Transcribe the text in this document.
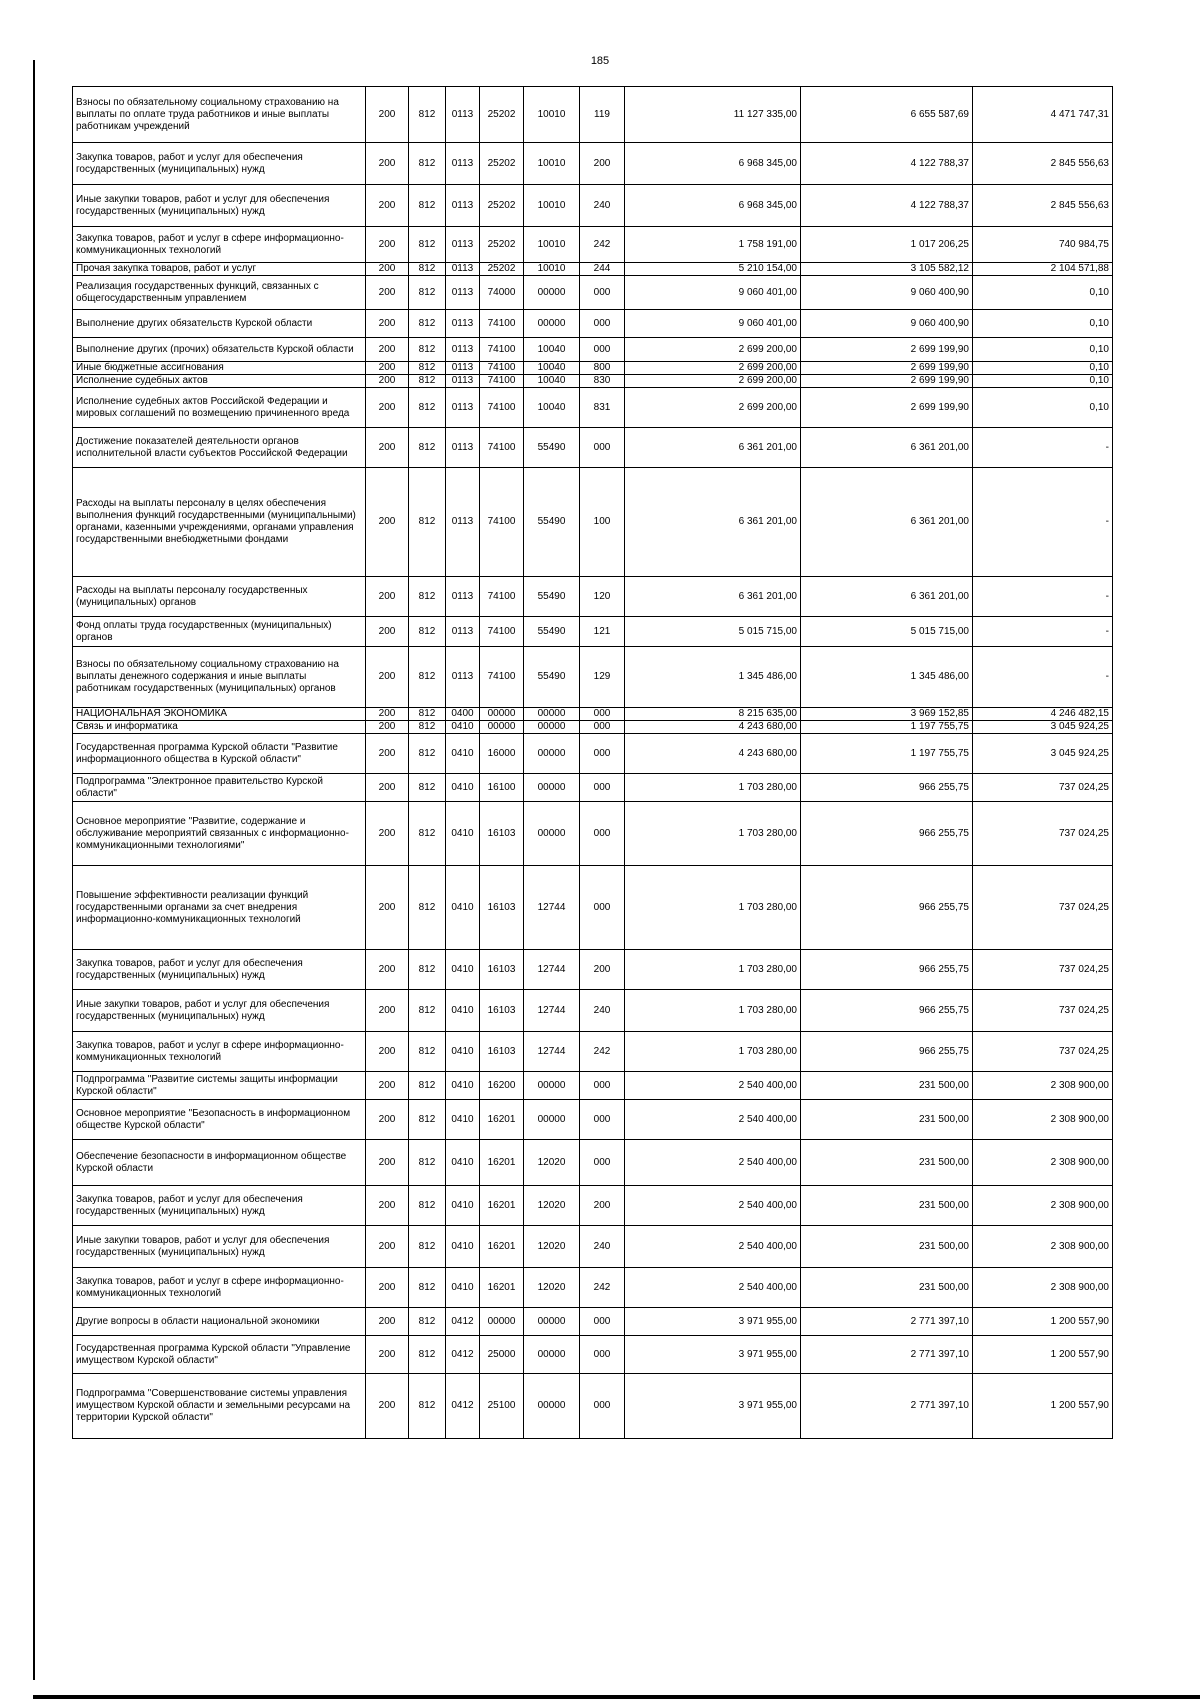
185
Взносы по обязательному социальному страхованию на выплаты по оплате труда работников и иные выплаты работникам учреждений	200	812	0113	25202	10010	119	11 127 335,00	6 655 587,69	4 471 747,31
Закупка товаров, работ и услуг для обеспечения государственных (муниципальных) нужд	200	812	0113	25202	10010	200	6 968 345,00	4 122 788,37	2 845 556,63
Иные закупки товаров, работ и услуг для обеспечения государственных (муниципальных) нужд	200	812	0113	25202	10010	240	6 968 345,00	4 122 788,37	2 845 556,63
Закупка товаров, работ и услуг в сфере информационно-коммуникационных технологий	200	812	0113	25202	10010	242	1 758 191,00	1 017 206,25	740 984,75
Прочая закупка товаров, работ и услуг	200	812	0113	25202	10010	244	5 210 154,00	3 105 582,12	2 104 571,88
Реализация государственных функций, связанных с общегосударственным управлением	200	812	0113	74000	00000	000	9 060 401,00	9 060 400,90	0,10
Выполнение других обязательств Курской области	200	812	0113	74100	00000	000	9 060 401,00	9 060 400,90	0,10
Выполнение других (прочих) обязательств Курской области	200	812	0113	74100	10040	000	2 699 200,00	2 699 199,90	0,10
Иные бюджетные ассигнования	200	812	0113	74100	10040	800	2 699 200,00	2 699 199,90	0,10
Исполнение судебных актов	200	812	0113	74100	10040	830	2 699 200,00	2 699 199,90	0,10
Исполнение судебных актов Российской Федерации и мировых соглашений по возмещению причиненного вреда	200	812	0113	74100	10040	831	2 699 200,00	2 699 199,90	0,10
Достижение показателей деятельности органов исполнительной власти субъектов Российской Федерации	200	812	0113	74100	55490	000	6 361 201,00	6 361 201,00	-
Расходы на выплаты персоналу в целях обеспечения выполнения функций государственными (муниципальными) органами, казенными учреждениями, органами управления государственными внебюджетными фондами	200	812	0113	74100	55490	100	6 361 201,00	6 361 201,00	-
Расходы на выплаты персоналу государственных (муниципальных) органов	200	812	0113	74100	55490	120	6 361 201,00	6 361 201,00	-
Фонд оплаты труда государственных (муниципальных) органов	200	812	0113	74100	55490	121	5 015 715,00	5 015 715,00	-
Взносы по обязательному социальному страхованию на выплаты денежного содержания и иные выплаты работникам государственных (муниципальных) органов	200	812	0113	74100	55490	129	1 345 486,00	1 345 486,00	-
НАЦИОНАЛЬНАЯ ЭКОНОМИКА	200	812	0400	00000	00000	000	8 215 635,00	3 969 152,85	4 246 482,15
Связь и информатика	200	812	0410	00000	00000	000	4 243 680,00	1 197 755,75	3 045 924,25
Государственная программа Курской области "Развитие информационного общества в Курской области"	200	812	0410	16000	00000	000	4 243 680,00	1 197 755,75	3 045 924,25
Подпрограмма "Электронное правительство Курской области"	200	812	0410	16100	00000	000	1 703 280,00	966 255,75	737 024,25
Основное мероприятие "Развитие, содержание и обслуживание мероприятий связанных с информационно-коммуникационными технологиями"	200	812	0410	16103	00000	000	1 703 280,00	966 255,75	737 024,25
Повышение эффективности реализации функций государственными органами за счет внедрения информационно-коммуникационных технологий	200	812	0410	16103	12744	000	1 703 280,00	966 255,75	737 024,25
Закупка товаров, работ и услуг для обеспечения государственных (муниципальных) нужд	200	812	0410	16103	12744	200	1 703 280,00	966 255,75	737 024,25
Иные закупки товаров, работ и услуг для обеспечения государственных (муниципальных) нужд	200	812	0410	16103	12744	240	1 703 280,00	966 255,75	737 024,25
Закупка товаров, работ и услуг в сфере информационно-коммуникационных технологий	200	812	0410	16103	12744	242	1 703 280,00	966 255,75	737 024,25
Подпрограмма "Развитие системы защиты информации Курской области"	200	812	0410	16200	00000	000	2 540 400,00	231 500,00	2 308 900,00
Основное мероприятие "Безопасность в информационном обществе Курской области"	200	812	0410	16201	00000	000	2 540 400,00	231 500,00	2 308 900,00
Обеспечение безопасности в информационном обществе Курской области	200	812	0410	16201	12020	000	2 540 400,00	231 500,00	2 308 900,00
Закупка товаров, работ и услуг для обеспечения государственных (муниципальных) нужд	200	812	0410	16201	12020	200	2 540 400,00	231 500,00	2 308 900,00
Иные закупки товаров, работ и услуг для обеспечения государственных (муниципальных) нужд	200	812	0410	16201	12020	240	2 540 400,00	231 500,00	2 308 900,00
Закупка товаров, работ и услуг в сфере информационно-коммуникационных технологий	200	812	0410	16201	12020	242	2 540 400,00	231 500,00	2 308 900,00
Другие вопросы в области национальной экономики	200	812	0412	00000	00000	000	3 971 955,00	2 771 397,10	1 200 557,90
Государственная программа Курской области "Управление имуществом Курской области"	200	812	0412	25000	00000	000	3 971 955,00	2 771 397,10	1 200 557,90
Подпрограмма "Совершенствование системы управления имуществом Курской области и земельными ресурсами на территории Курской области"	200	812	0412	25100	00000	000	3 971 955,00	2 771 397,10	1 200 557,90
